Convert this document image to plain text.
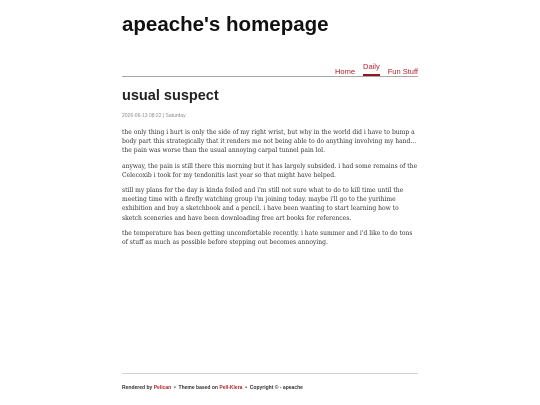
apeache's homepage
Home
Daily
Fun Stuff
usual suspect
2026-06-13 08:22 | Saturday

the only thing i hurt is only the side of my right wrist, but why in the world did i have to bump a body part this strategically that it renders me not being able to do anything involving my hand... the pain was worse than the usual annoying carpal tunnel pain lol.

anyway, the pain is still there this morning but it has largely subsided. i had some remains of the Celecoxib i took for my tendonitis last year so that might have helped.

still my plans for the day is kinda foiled and i'm still not sure what to do to kill time until the meeting time with a firefly watching group i'm joining today. maybe i'll go to the yurihime exhibition and buy a sketchbook and a pencil. i have been wanting to start learning how to sketch sceneries and have been downloading free art books for references.

the temperature has been getting uncomfortable recently. i hate summer and i'd like to do tons of stuff as much as possible before stepping out becomes annoying.

Rendered by Pelican • Theme based on Pell-Klera • Copyright © - apeache
